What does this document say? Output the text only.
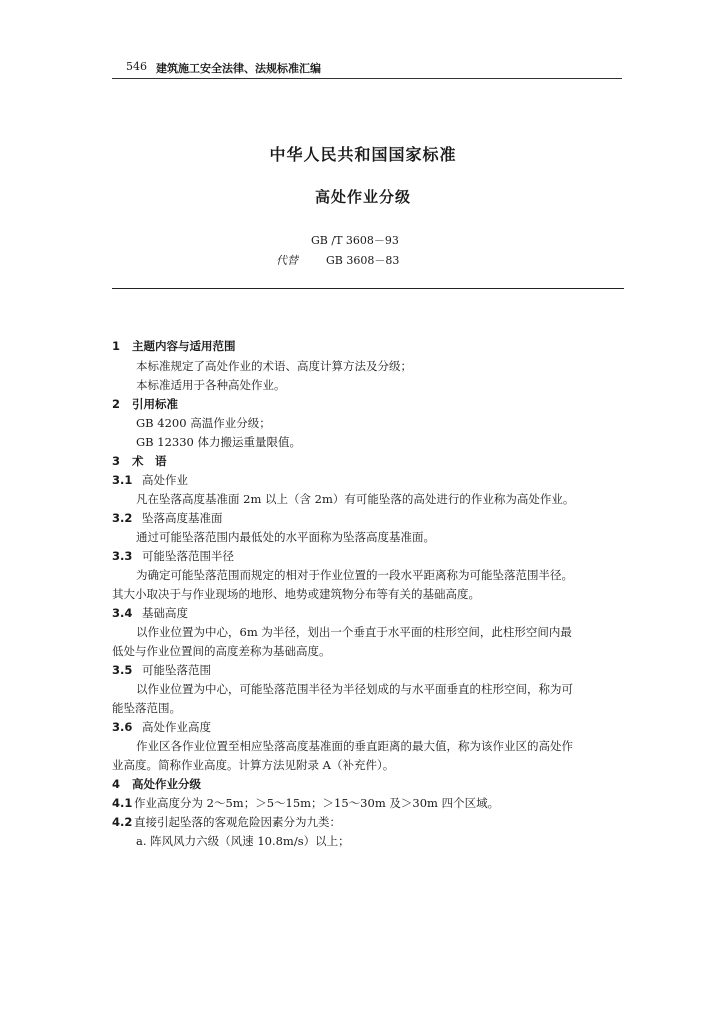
546 建筑施工安全法律、法规标准汇编
中华人民共和国国家标准
高处作业分级
GB /T 3608－93
代替	GB 3608－83
1 主题内容与适用范围
本标准规定了高处作业的术语、高度计算方法及分级；
本标准适用于各种高处作业。
2 引用标准
GB 4200 高温作业分级；
GB 12330 体力搬运重量限值。
3 术　语
3.1 高处作业
凡在坠落高度基准面 2m 以上（含 2m）有可能坠落的高处进行的作业称为高处作业。
3.2 坠落高度基准面
通过可能坠落范围内最低处的水平面称为坠落高度基准面。
3.3 可能坠落范围半径
为确定可能坠落范围而规定的相对于作业位置的一段水平距离称为可能坠落范围半径。
其大小取决于与作业现场的地形、地势或建筑物分布等有关的基础高度。
3.4 基础高度
以作业位置为中心，6m 为半径，划出一个垂直于水平面的柱形空间，此柱形空间内最
低处与作业位置间的高度差称为基础高度。
3.5 可能坠落范围
以作业位置为中心，可能坠落范围半径为半径划成的与水平面垂直的柱形空间，称为可
能坠落范围。
3.6 高处作业高度
作业区各作业位置至相应坠落高度基准面的垂直距离的最大值，称为该作业区的高处作
业高度。简称作业高度。计算方法见附录 A（补充件）。
4 高处作业分级
4.1 作业高度分为 2～5m；＞5～15m；＞15～30m 及＞30m 四个区域。
4.2 直接引起坠落的客观危险因素分为九类：
a. 阵风风力六级（风速 10.8m/s）以上；
